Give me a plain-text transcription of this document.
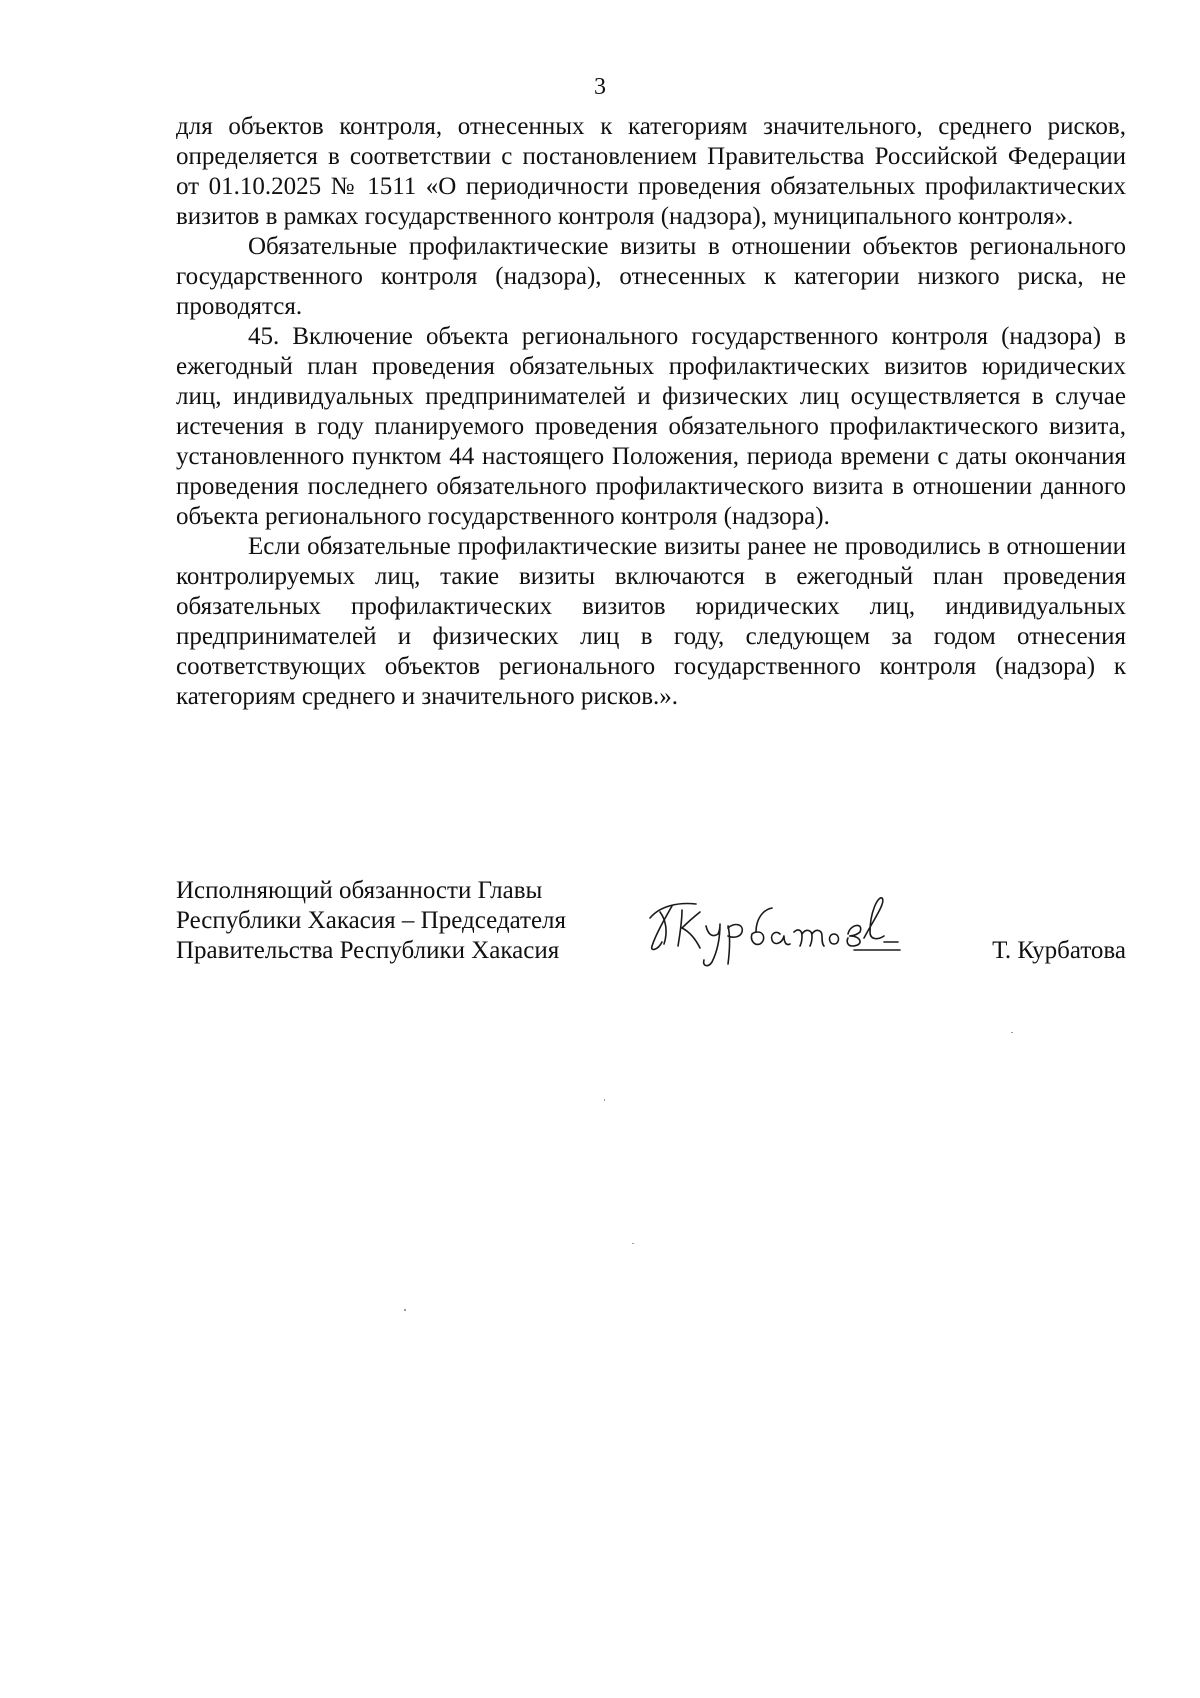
3

для объектов контроля, отнесенных к категориям значительного, среднего рисков, определяется в соответствии с постановлением Правительства Российской Федерации от 01.10.2025 № 1511 «О периодичности проведения обязательных профилактических визитов в рамках государственного контроля (надзора), муниципального контроля».

Обязательные профилактические визиты в отношении объектов регионального государственного контроля (надзора), отнесенных к категории низкого риска, не проводятся.

45. Включение объекта регионального государственного контроля (надзора) в ежегодный план проведения обязательных профилактических визитов юридических лиц, индивидуальных предпринимателей и физических лиц осуществляется в случае истечения в году планируемого проведения обязательного профилактического визита, установленного пунктом 44 настоящего Положения, периода времени с даты окончания проведения последнего обязательного профилактического визита в отношении данного объекта регионального государственного контроля (надзора).

Если обязательные профилактические визиты ранее не проводились в отношении контролируемых лиц, такие визиты включаются в ежегодный план проведения обязательных профилактических визитов юридических лиц, индивидуальных предпринимателей и физических лиц в году, следующем за годом отнесения соответствующих объектов регионального государственного контроля (надзора) к категориям среднего и значительного рисков.».

Исполняющий обязанности Главы
Республики Хакасия – Председателя
Правительства Республики Хакасия	Т. Курбатова
